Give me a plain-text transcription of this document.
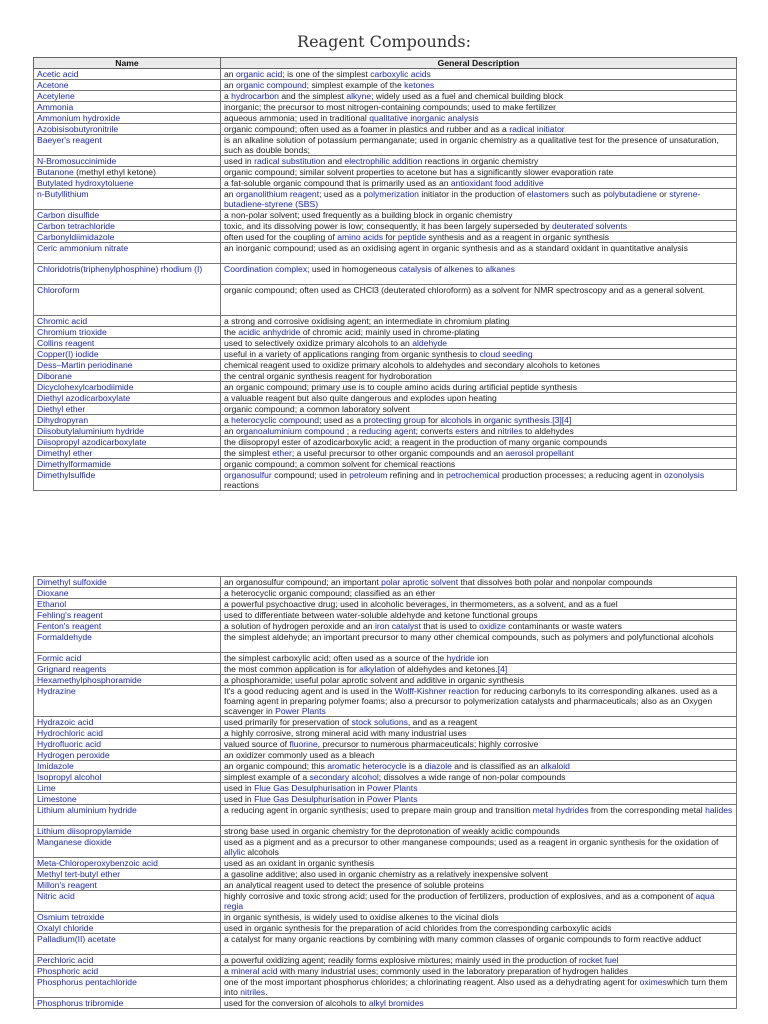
Reagent Compounds:
Name	General Description
Acetic acid	an organic acid; is one of the simplest carboxylic acids
Acetone	an organic compound; simplest example of the ketones
Acetylene	a hydrocarbon and the simplest alkyne; widely used as a fuel and chemical building block
Ammonia	inorganic; the precursor to most nitrogen-containing compounds; used to make fertilizer
Ammonium hydroxide	aqueous ammonia; used in traditional qualitative inorganic analysis
Azobisisobutyronitrile	organic compound; often used as a foamer in plastics and rubber and as a radical initiator
Baeyer's reagent	is an alkaline solution of potassium permanganate; used in organic chemistry as a qualitative test for the presence of unsaturation, such as double bonds;
N-Bromosuccinimide	used in radical substitution and electrophilic addition reactions in organic chemistry
Butanone (methyl ethyl ketone)	organic compound; similar solvent properties to acetone but has a significantly slower evaporation rate
Butylated hydroxytoluene	a fat-soluble organic compound that is primarily used as an antioxidant food additive
n-Butyllithium	an organolithium reagent; used as a polymerization initiator in the production of elastomers such as polybutadiene or styrene-butadiene-styrene (SBS)
Carbon disulfide	a non-polar solvent; used frequently as a building block in organic chemistry
Carbon tetrachloride	toxic, and its dissolving power is low; consequently, it has been largely superseded by deuterated solvents
Carbonyldiimidazole	often used for the coupling of amino acids for peptide synthesis and as a reagent in organic synthesis
Ceric ammonium nitrate	an inorganic compound; used as an oxidising agent in organic synthesis and as a standard oxidant in quantitative analysis
Chloridotris(triphenylphosphine) rhodium (I)	Coordination complex; used in homogeneous catalysis of alkenes to alkanes
Chloroform	organic compound; often used as CHCl3 (deuterated chloroform) as a solvent for NMR spectroscopy and as a general solvent.
Chromic acid	a strong and corrosive oxidising agent; an intermediate in chromium plating
Chromium trioxide	the acidic anhydride of chromic acid; mainly used in chrome-plating
Collins reagent	used to selectively oxidize primary alcohols to an aldehyde
Copper(I) iodide	useful in a variety of applications ranging from organic synthesis to cloud seeding
Dess–Martin periodinane	chemical reagent used to oxidize primary alcohols to aldehydes and secondary alcohols to ketones
Diborane	the central organic synthesis reagent for hydroboration
Dicyclohexylcarbodiimide	an organic compound; primary use is to couple amino acids during artificial peptide synthesis
Diethyl azodicarboxylate	a valuable reagent but also quite dangerous and explodes upon heating
Diethyl ether	organic compound; a common laboratory solvent
Dihydropyran	a heterocyclic compound; used as a protecting group for alcohols in organic synthesis.[3][4]
Diisobutylaluminium hydride	an organoaluminium compound ; a reducing agent; converts esters and nitriles to aldehydes
Diisopropyl azodicarboxylate	the diisopropyl ester of azodicarboxylic acid; a reagent in the production of many organic compounds
Dimethyl ether	the simplest ether; a useful precursor to other organic compounds and an aerosol propellant
Dimethylformamide	organic compound; a common solvent for chemical reactions
Dimethylsulfide	organosulfur compound; used in petroleum refining and in petrochemical production processes; a reducing agent in ozonolysis reactions
Dimethyl sulfoxide	an organosulfur compound; an important polar aprotic solvent that dissolves both polar and nonpolar compounds
Dioxane	a heterocyclic organic compound; classified as an ether
Ethanol	a powerful psychoactive drug; used in alcoholic beverages, in thermometers, as a solvent, and as a fuel
Fehling's reagent	used to differentiate between water-soluble aldehyde and ketone functional groups
Fenton's reagent	a solution of hydrogen peroxide and an iron catalyst that is used to oxidize contaminants or waste waters
Formaldehyde	the simplest aldehyde; an important precursor to many other chemical compounds, such as polymers and polyfunctional alcohols
Formic acid	the simplest carboxylic acid; often used as a source of the hydride ion
Grignard reagents	the most common application is for alkylation of aldehydes and ketones.[4]
Hexamethylphosphoramide	a phosphoramide; useful polar aprotic solvent and additive in organic synthesis
Hydrazine	It's a good reducing agent and is used in the Wolff-Kishner reaction for reducing carbonyls to its corresponding alkanes. used as a foaming agent in preparing polymer foams; also a precursor to polymerization catalysts and pharmaceuticals; also as an Oxygen scavenger in Power Plants
Hydrazoic acid	used primarily for preservation of stock solutions, and as a reagent
Hydrochloric acid	a highly corrosive, strong mineral acid with many industrial uses
Hydrofluoric acid	valued source of fluorine, precursor to numerous pharmaceuticals; highly corrosive
Hydrogen peroxide	an oxidizer commonly used as a bleach
Imidazole	an organic compound; this aromatic heterocycle is a diazole and is classified as an alkaloid
Isopropyl alcohol	simplest example of a secondary alcohol; dissolves a wide range of non-polar compounds
Lime	used in Flue Gas Desulphurisation in Power Plants
Limestone	used in Flue Gas Desulphurisation in Power Plants
Lithium aluminium hydride	a reducing agent in organic synthesis; used to prepare main group and transition metal hydrides from the corresponding metal halides
Lithium diisopropylamide	strong base used in organic chemistry for the deprotonation of weakly acidic compounds
Manganese dioxide	used as a pigment and as a precursor to other manganese compounds; used as a reagent in organic synthesis for the oxidation of allylic alcohols
Meta-Chloroperoxybenzoic acid	used as an oxidant in organic synthesis
Methyl tert-butyl ether	a gasoline additive; also used in organic chemistry as a relatively inexpensive solvent
Millon's reagent	an analytical reagent used to detect the presence of soluble proteins
Nitric acid	highly corrosive and toxic strong acid; used for the production of fertilizers, production of explosives, and as a component of aqua regia
Osmium tetroxide	in organic synthesis, is widely used to oxidise alkenes to the vicinal diols
Oxalyl chloride	used in organic synthesis for the preparation of acid chlorides from the corresponding carboxylic acids
Palladium(II) acetate	a catalyst for many organic reactions by combining with many common classes of organic compounds to form reactive adduct
Perchloric acid	a powerful oxidizing agent; readily forms explosive mixtures; mainly used in the production of rocket fuel
Phosphoric acid	a mineral acid with many industrial uses; commonly used in the laboratory preparation of hydrogen halides
Phosphorus pentachloride	one of the most important phosphorus chlorides; a chlorinating reagent. Also used as a dehydrating agent for oximeswhich turn them into nitriles.
Phosphorus tribromide	used for the conversion of alcohols to alkyl bromides
